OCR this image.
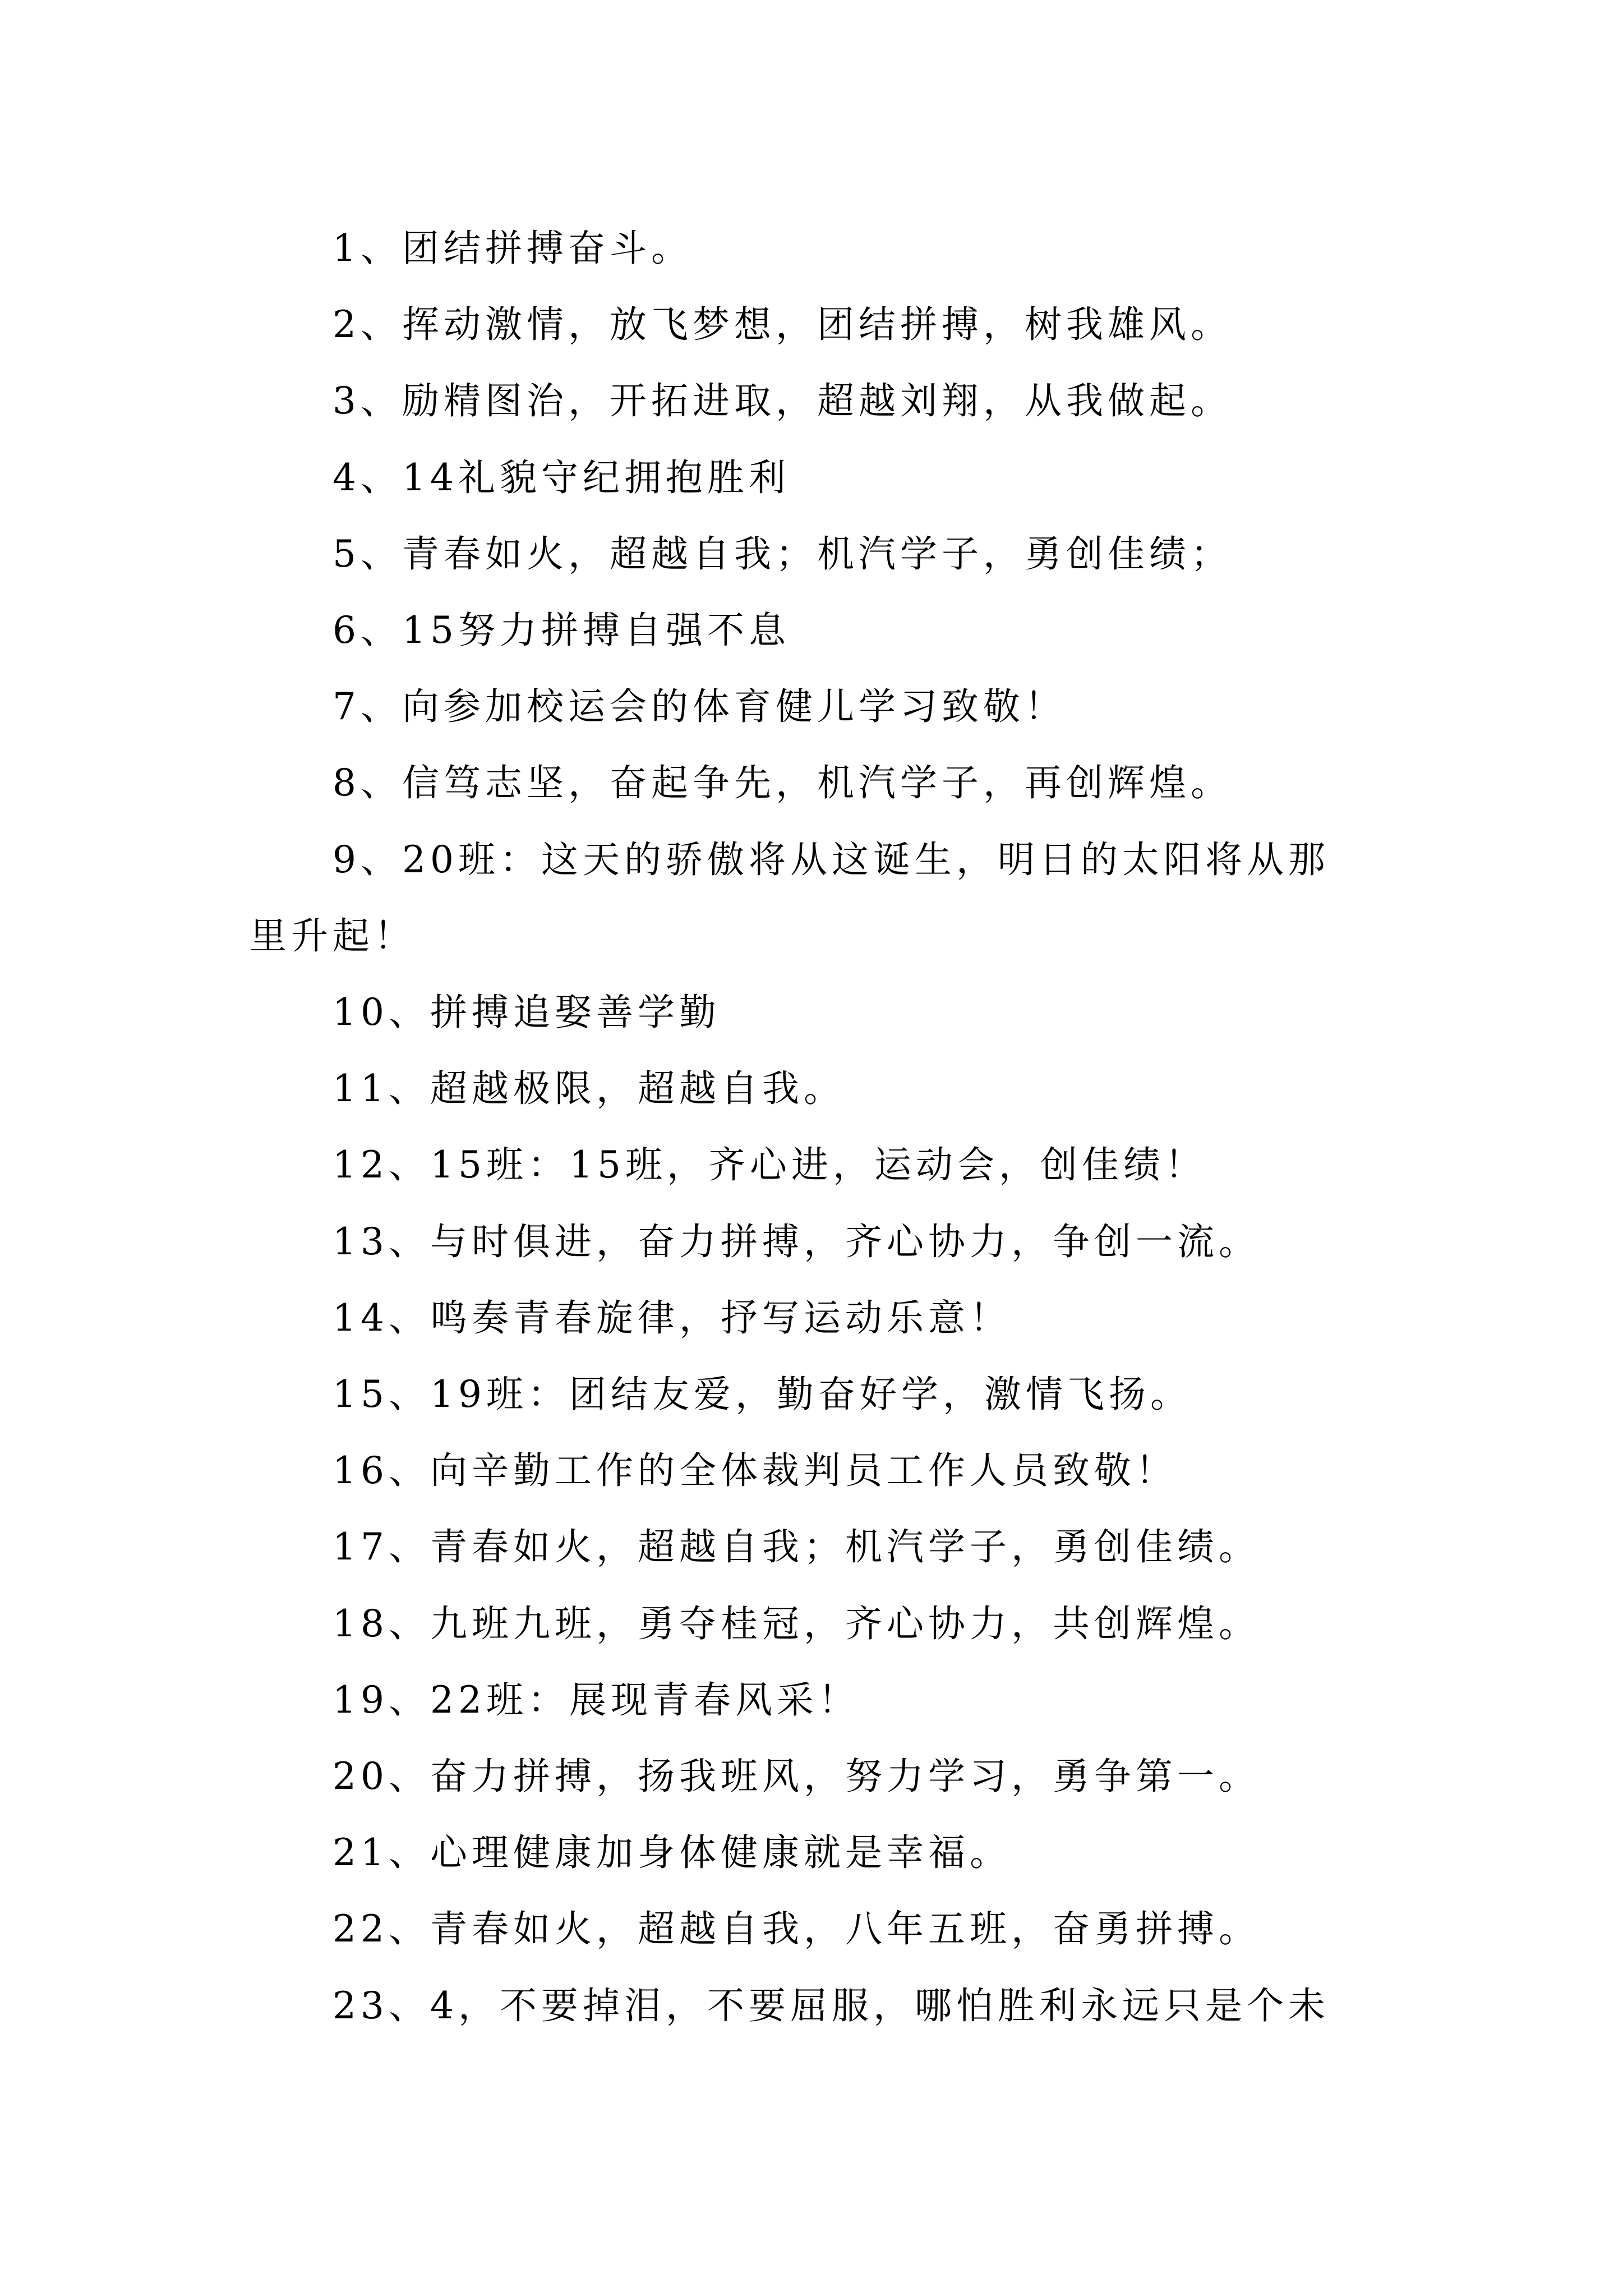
1、团结拼搏奋斗。
2、挥动激情，放飞梦想，团结拼搏，树我雄风。
3、励精图治，开拓进取，超越刘翔，从我做起。
4、14礼貌守纪拥抱胜利
5、青春如火，超越自我；机汽学子，勇创佳绩；
6、15努力拼搏自强不息
7、向参加校运会的体育健儿学习致敬！
8、信笃志坚，奋起争先，机汽学子，再创辉煌。
9、20班：这天的骄傲将从这诞生，明日的太阳将从那
里升起！
10、拼搏追娶善学勤
11、超越极限，超越自我。
12、15班：15班，齐心进，运动会，创佳绩！
13、与时俱进，奋力拼搏，齐心协力，争创一流。
14、鸣奏青春旋律，抒写运动乐意！
15、19班：团结友爱，勤奋好学，激情飞扬。
16、向辛勤工作的全体裁判员工作人员致敬！
17、青春如火，超越自我；机汽学子，勇创佳绩。
18、九班九班，勇夺桂冠，齐心协力，共创辉煌。
19、22班：展现青春风采！
20、奋力拼搏，扬我班风，努力学习，勇争第一。
21、心理健康加身体健康就是幸福。
22、青春如火，超越自我，八年五班，奋勇拼搏。
23、4，不要掉泪，不要屈服，哪怕胜利永远只是个未
